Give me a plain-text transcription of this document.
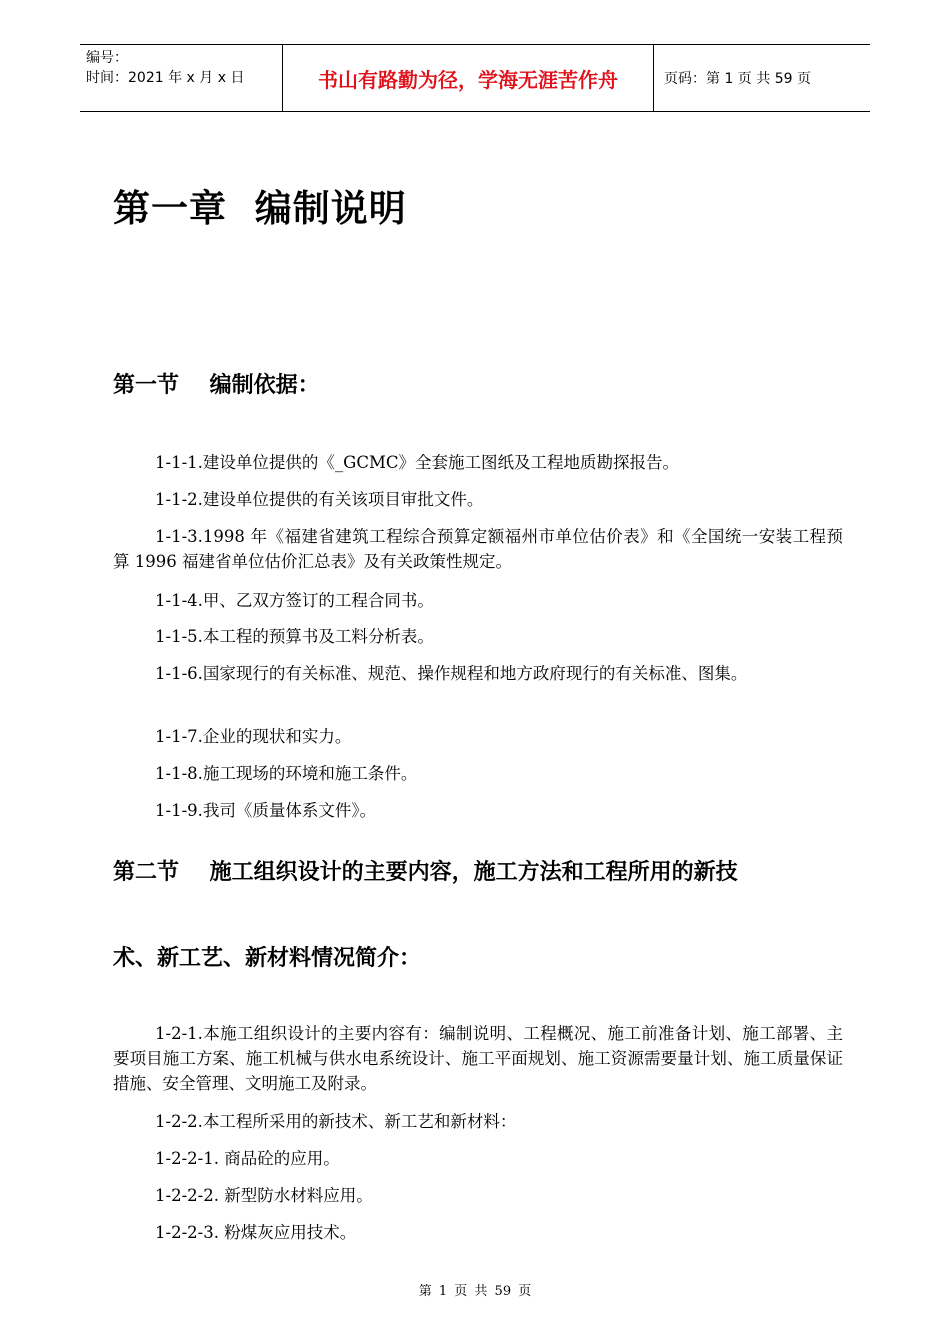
编号：
时间：2021 年 x 月 x 日	书山有路勤为径，学海无涯苦作舟	页码：第 1 页 共 59 页
第一章  编制说明
第一节    编制依据：
1-1-1.建设单位提供的《_GCMC》全套施工图纸及工程地质勘探报告。
1-1-2.建设单位提供的有关该项目审批文件。
1-1-3.1998 年《福建省建筑工程综合预算定额福州市单位估价表》和《全国统一安装工程预算 1996 福建省单位估价汇总表》及有关政策性规定。
1-1-4.甲、乙双方签订的工程合同书。
1-1-5.本工程的预算书及工料分析表。
1-1-6.国家现行的有关标准、规范、操作规程和地方政府现行的有关标准、图集。
1-1-7.企业的现状和实力。
1-1-8.施工现场的环境和施工条件。
1-1-9.我司《质量体系文件》。
第二节    施工组织设计的主要内容，施工方法和工程所用的新技
术、新工艺、新材料情况简介：
1-2-1.本施工组织设计的主要内容有：编制说明、工程概况、施工前准备计划、施工部署、主要项目施工方案、施工机械与供水电系统设计、施工平面规划、施工资源需要量计划、施工质量保证措施、安全管理、文明施工及附录。
1-2-2.本工程所采用的新技术、新工艺和新材料：
1-2-2-1. 商品砼的应用。
1-2-2-2. 新型防水材料应用。
1-2-2-3. 粉煤灰应用技术。
第 1 页 共 59 页
